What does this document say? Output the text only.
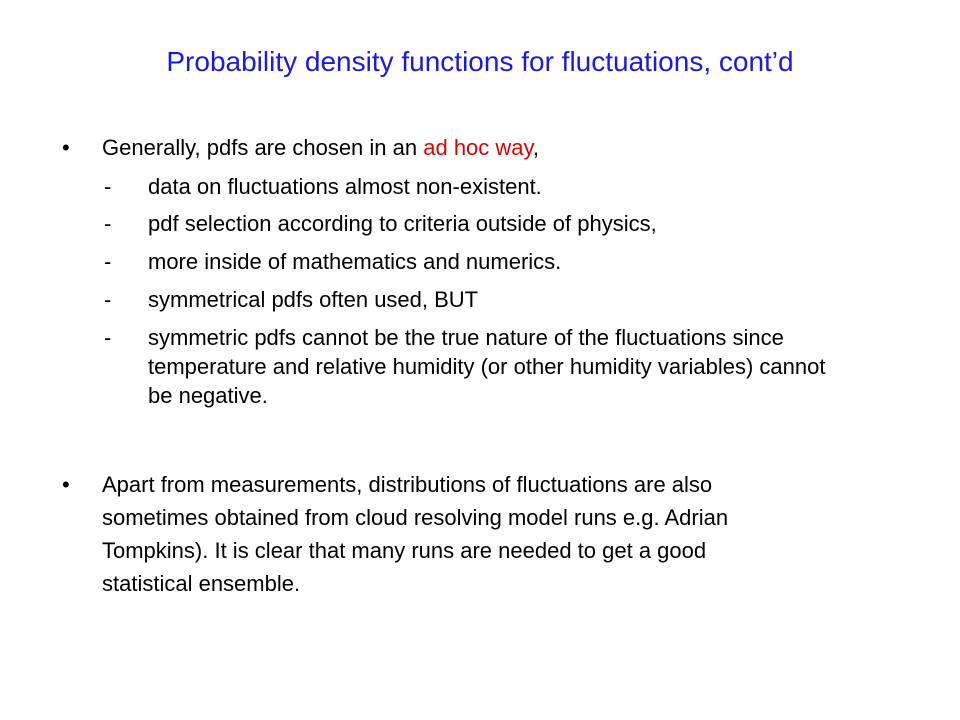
Probability density functions for fluctuations, cont’d
•	Generally, pdfs are chosen in an ad hoc way,
-	data on fluctuations almost non-existent.
-	pdf selection according to criteria outside of physics,
-	more inside of mathematics and numerics.
-	symmetrical pdfs often used, BUT
-	symmetric pdfs cannot be the true nature of the fluctuations since temperature and relative humidity (or other humidity variables) cannot be negative.
•	Apart from measurements, distributions of fluctuations are also
sometimes obtained from cloud resolving model runs e.g. Adrian
Tompkins). It is clear that many runs are needed to get a good
statistical ensemble.
